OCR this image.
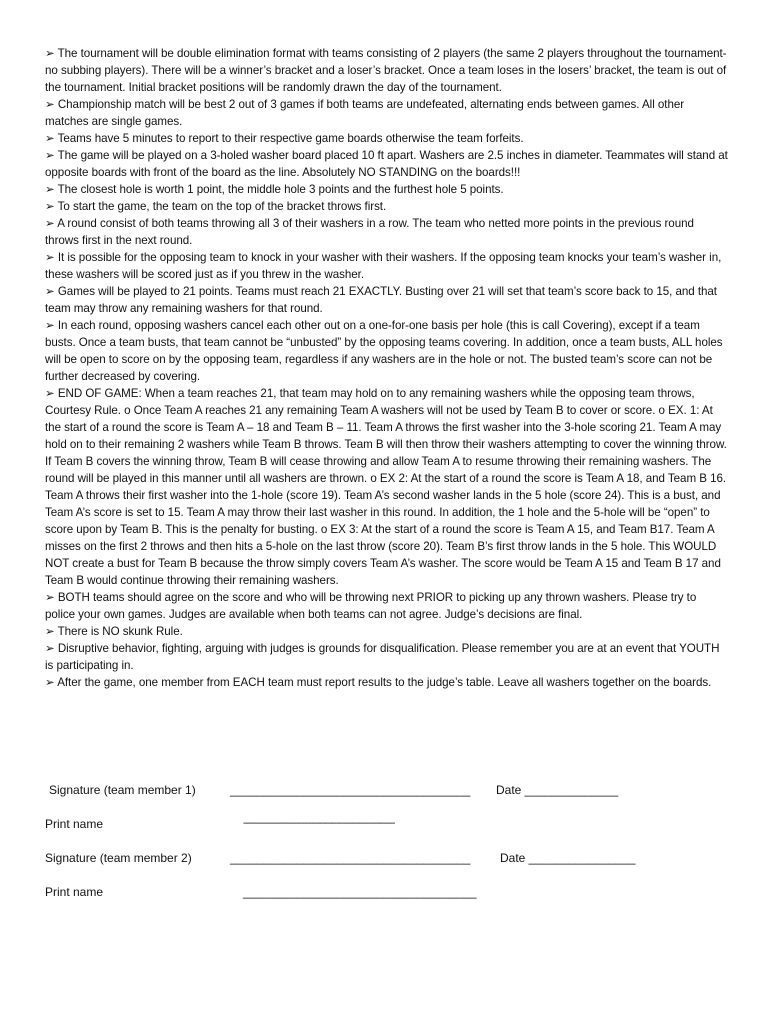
➢ The tournament will be double elimination format with teams consisting of 2 players (the same 2 players throughout the tournament- no subbing players). There will be a winner’s bracket and a loser’s bracket. Once a team loses in the losers’ bracket, the team is out of the tournament. Initial bracket positions will be randomly drawn the day of the tournament.

➢ Championship match will be best 2 out of 3 games if both teams are undefeated, alternating ends between games. All other matches are single games.

➢ Teams have 5 minutes to report to their respective game boards otherwise the team forfeits.

➢ The game will be played on a 3-holed washer board placed 10 ft apart. Washers are 2.5 inches in diameter. Teammates will stand at opposite boards with front of the board as the line. Absolutely NO STANDING on the boards!!!

➢ The closest hole is worth 1 point, the middle hole 3 points and the furthest hole 5 points.

➢ To start the game, the team on the top of the bracket throws first.

➢ A round consist of both teams throwing all 3 of their washers in a row. The team who netted more points in the previous round throws first in the next round.

➢ It is possible for the opposing team to knock in your washer with their washers. If the opposing team knocks your team’s washer in, these washers will be scored just as if you threw in the washer.

➢ Games will be played to 21 points. Teams must reach 21 EXACTLY. Busting over 21 will set that team’s score back to 15, and that team may throw any remaining washers for that round.

➢ In each round, opposing washers cancel each other out on a one-for-one basis per hole (this is call Covering), except if a team busts. Once a team busts, that team cannot be “unbusted” by the opposing teams covering. In addition, once a team busts, ALL holes will be open to score on by the opposing team, regardless if any washers are in the hole or not. The busted team’s score can not be further decreased by covering.

➢ END OF GAME: When a team reaches 21, that team may hold on to any remaining washers while the opposing team throws, Courtesy Rule. o Once Team A reaches 21 any remaining Team A washers will not be used by Team B to cover or score. o EX. 1: At the start of a round the score is Team A – 18 and Team B – 11. Team A throws the first washer into the 3-hole scoring 21. Team A may hold on to their remaining 2 washers while Team B throws. Team B will then throw their washers attempting to cover the winning throw. If Team B covers the winning throw, Team B will cease throwing and allow Team A to resume throwing their remaining washers. The round will be played in this manner until all washers are thrown. o EX 2: At the start of a round the score is Team A 18, and Team B 16. Team A throws their first washer into the 1-hole (score 19). Team A’s second washer lands in the 5 hole (score 24). This is a bust, and Team A’s score is set to 15. Team A may throw their last washer in this round. In addition, the 1 hole and the 5-hole will be “open” to score upon by Team B. This is the penalty for busting. o EX 3: At the start of a round the score is Team A 15, and Team B17. Team A misses on the first 2 throws and then hits a 5-hole on the last throw (score 20). Team B’s first throw lands in the 5 hole. This WOULD NOT create a bust for Team B because the throw simply covers Team A’s washer. The score would be Team A 15 and Team B 17 and Team B would continue throwing their remaining washers.

➢ BOTH teams should agree on the score and who will be throwing next PRIOR to picking up any thrown washers. Please try to police your own games. Judges are available when both teams can not agree. Judge’s decisions are final.

➢ There is NO skunk Rule.

➢ Disruptive behavior, fighting, arguing with judges is grounds for disqualification. Please remember you are at an event that YOUTH is participating in.

➢ After the game, one member from EACH team must report results to the judge’s table. Leave all washers together on the boards.

Signature (team member 1)	____________________________________ Date ______________
Print name	-----------------------------------------------------------------
Signature (team member 2)	____________________________________ Date ________________
Print name	___________________________________
